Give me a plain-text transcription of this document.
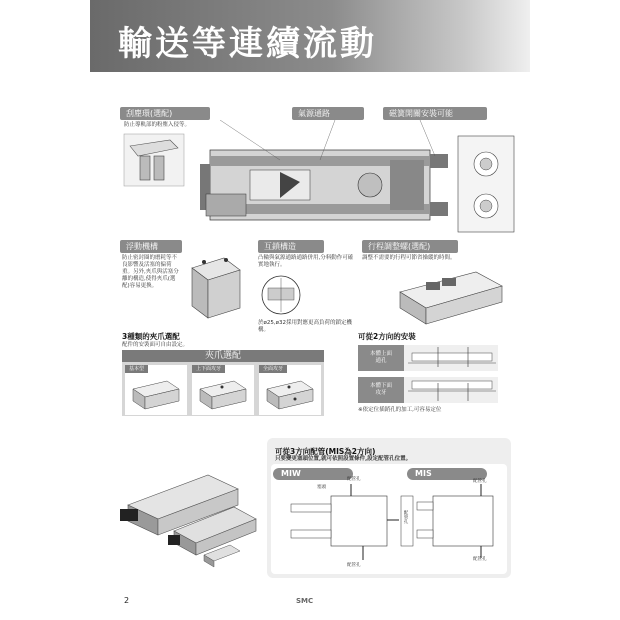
輸送等連續流動
刮塵環(選配)
防止導軌部的粉塵入侵等。
氣源通路	磁簧開關安裝可能
浮動機構
防止密封圈的磨耗等不良影響及活塞的偏荷重。另外,夾爪與活塞分離的構造,使得夾爪(選配)容易更換。
互鎖構造
凸輪與氣源通路通路併用,分料動作可確實地執行。
於ø25,ø32採用對應更高負荷的鎖定機構。
行程調整螺(選配)
調整不需要的行程可節省操縱的時間。
3種類的夾爪選配
配件的安裝面可自由設定。
夾爪選配
基本型	上下面攻牙	全面攻牙
可從2方向的安裝
本體上面
通孔
本體下面
攻牙
※依定位插銷孔的加工,可容易定位
可從3方向配管(MIS為2方向)
只要變更塞頭位置,就可依照設置條件,設定配管孔位置。
MIW	MIS
塞頭
配管孔
配管孔
配管孔
配管孔
配管孔
2	SMC
